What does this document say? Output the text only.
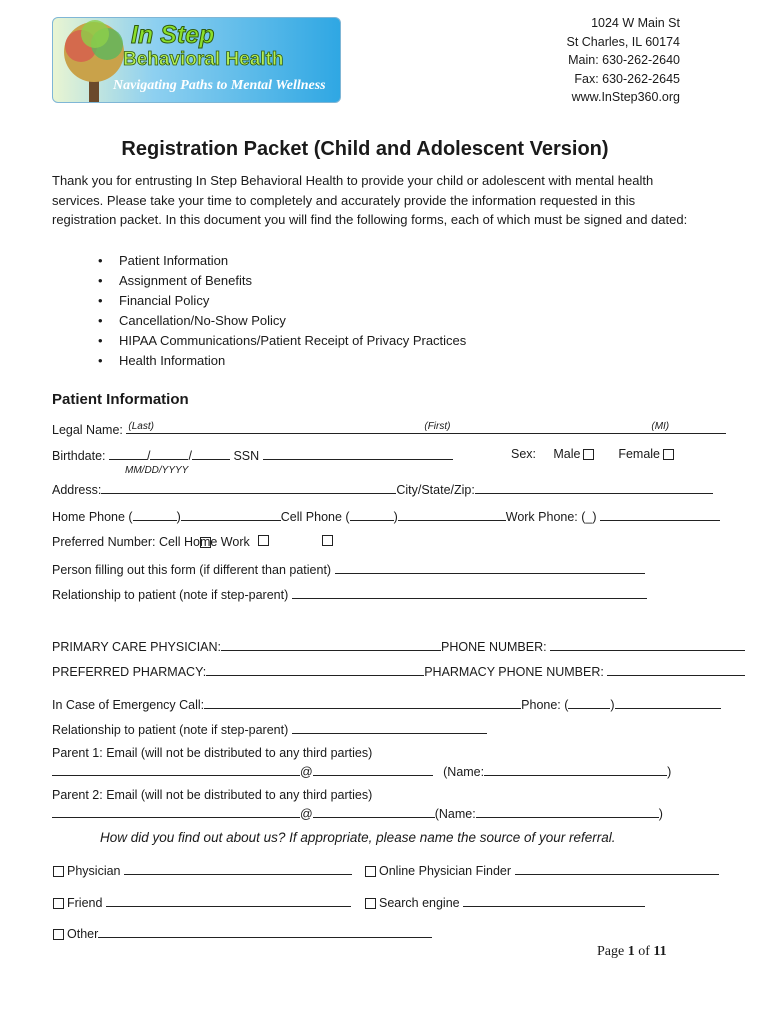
In Step
Behavioral Health
Navigating Paths to Mental Wellness
1024 W Main St
St Charles, IL 60174
Main: 630-262-2640
Fax: 630-262-2645
www.InStep360.org
Registration Packet (Child and Adolescent Version)

Thank you for entrusting In Step Behavioral Health to provide your child or adolescent with mental health services. Please take your time to completely and accurately provide the information requested in this registration packet. In this document you will find the following forms, each of which must be signed and dated:

• Patient Information
• Assignment of Benefits
• Financial Policy
• Cancellation/No-Show Policy
• HIPAA Communications/Patient Receipt of Privacy Practices
• Health Information
Patient Information
Legal Name: (Last)	(First)	(MI)
Birthdate:	/	/	SSN
MM/DD/YYYY
Sex: Male	Female
Address:	City/State/Zip:
Home Phone (	)	Cell Phone (	)	Work Phone: (_)
Preferred Number: Cell Home Work
Person filling out this form (if different than patient)
Relationship to patient (note if step-parent)
PRIMARY CARE PHYSICIAN:	PHONE NUMBER:
PREFERRED PHARMACY:	PHARMACY PHONE NUMBER:
In Case of Emergency Call:	Phone: (	)
Relationship to patient (note if step-parent)
Parent 1: Email (will not be distributed to any third parties)
@	(Name:	)
Parent 2: Email (will not be distributed to any third parties)
@	(Name:	)
How did you find out about us? If appropriate, please name the source of your referral.
Physician	Online Physician Finder
Friend	Search engine
Other
Page 1 of 11
